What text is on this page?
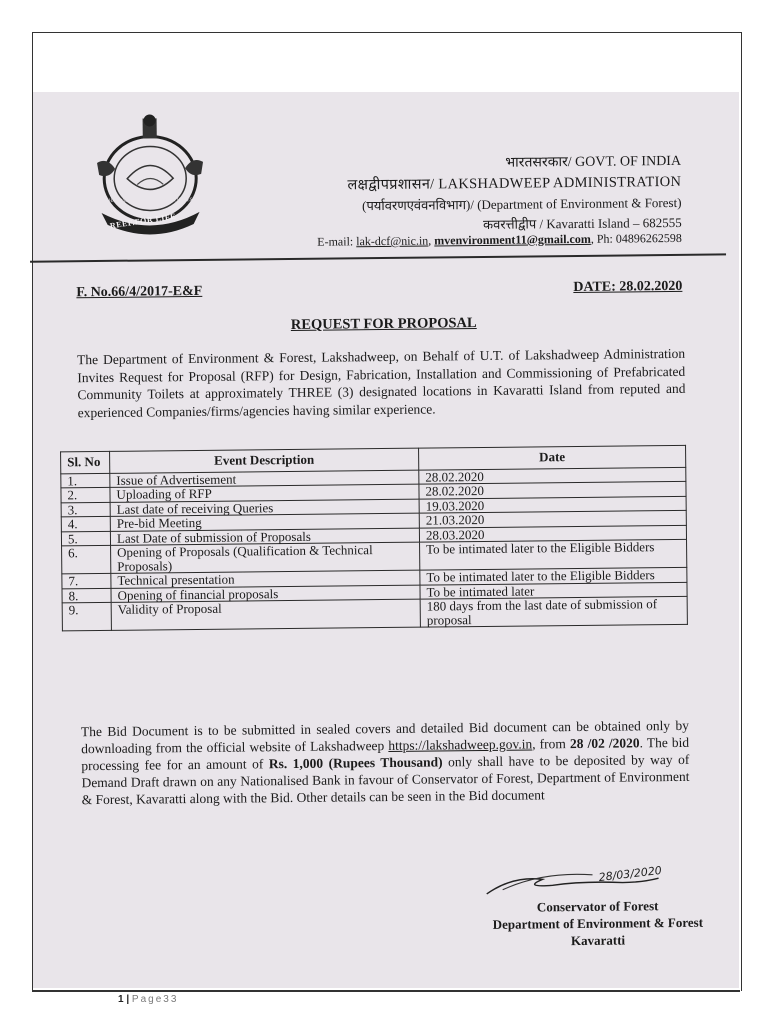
REEF.FOR LIFE
LAKSHADWEEP ENVIRONMENT & FOREST
भारतसरकार/ GOVT. OF INDIA
लक्षद्वीपप्रशासन/ LAKSHADWEEP ADMINISTRATION
(पर्यावरणएवंवनविभाग)/ (Department of Environment & Forest)
कवरत्तीद्वीप / Kavaratti Island – 682555
E-mail: lak-dcf@nic.in, mvenvironment11@gmail.com, Ph: 04896262598
F. No.66/4/2017-E&F	DATE: 28.02.2020
REQUEST FOR PROPOSAL
The Department of Environment & Forest, Lakshadweep, on Behalf of U.T. of Lakshadweep Administration Invites Request for Proposal (RFP) for Design, Fabrication, Installation and Commissioning of Prefabricated Community Toilets at approximately THREE (3) designated locations in Kavaratti Island from reputed and experienced Companies/firms/agencies having similar experience.
Sl. No	Event Description	Date
1.	Issue of Advertisement	28.02.2020
2.	Uploading of RFP	28.02.2020
3.	Last date of receiving Queries	19.03.2020
4.	Pre-bid Meeting	21.03.2020
5.	Last Date of submission of Proposals	28.03.2020
6.	Opening of Proposals (Qualification & Technical Proposals)	To be intimated later to the Eligible Bidders
7.	Technical presentation	To be intimated later to the Eligible Bidders
8.	Opening of financial proposals	To be intimated later
9.	Validity of Proposal	180 days from the last date of submission of proposal
The Bid Document is to be submitted in sealed covers and detailed Bid document can be obtained only by downloading from the official website of Lakshadweep https://lakshadweep.gov.in, from 28 /02 /2020. The bid processing fee for an amount of Rs. 1,000 (Rupees Thousand) only shall have to be deposited by way of Demand Draft drawn on any Nationalised Bank in favour of Conservator of Forest, Department of Environment & Forest, Kavaratti along with the Bid. Other details can be seen in the Bid document
28/03/2020
Conservator of Forest
Department of Environment & Forest
Kavaratti
1 | Page33
